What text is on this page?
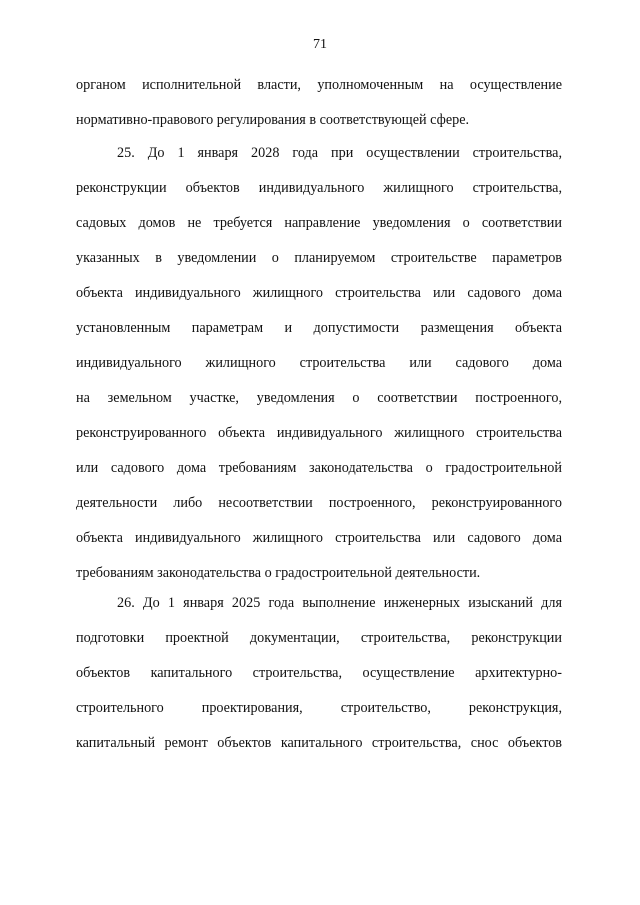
71
органом исполнительной власти, уполномоченным на осуществление
нормативно-правового регулирования в соответствующей сфере.
25. До 1 января 2028 года при осуществлении строительства,
реконструкции объектов индивидуального жилищного строительства,
садовых домов не требуется направление уведомления о соответствии
указанных в уведомлении о планируемом строительстве параметров
объекта индивидуального жилищного строительства или садового дома
установленным параметрам и допустимости размещения объекта
индивидуального жилищного строительства или садового дома
на земельном участке, уведомления о соответствии построенного,
реконструированного объекта индивидуального жилищного строительства
или садового дома требованиям законодательства о градостроительной
деятельности либо несоответствии построенного, реконструированного
объекта индивидуального жилищного строительства или садового дома
требованиям законодательства о градостроительной деятельности.
26. До 1 января 2025 года выполнение инженерных изысканий для
подготовки проектной документации, строительства, реконструкции
объектов капитального строительства, осуществление архитектурно-
строительного проектирования, строительство, реконструкция,
капитальный ремонт объектов капитального строительства, снос объектов
